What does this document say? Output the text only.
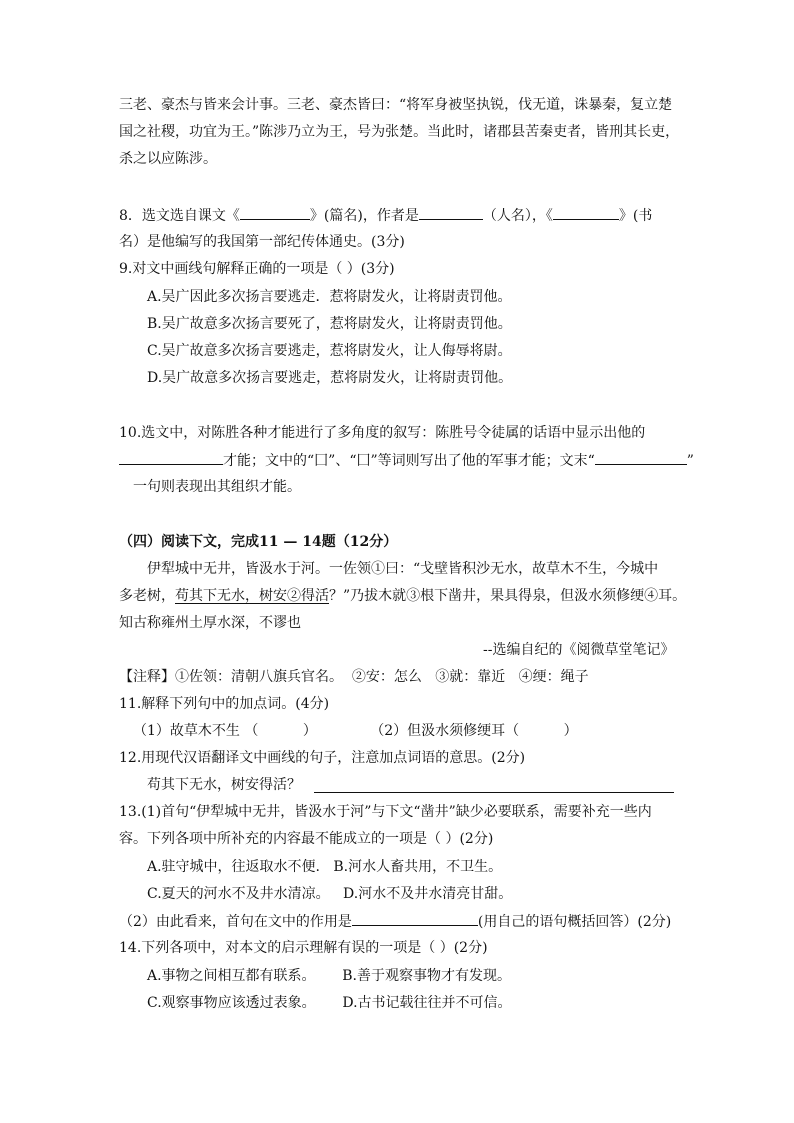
三老、豪杰与皆来会计事。三老、豪杰皆曰：“将军身被坚执锐，伐无道，诛暴秦，复立楚
国之社稷，功宜为王。”陈涉乃立为王，号为张楚。当此时，诸郡县苦秦吏者，皆刑其长吏，
杀之以应陈涉。
8．选文选自课文《	》(篇名)，作者是	（人名），《	》(书
名）是他编写的我国第一部纪传体通史。(3分)
9.对文中画线句解释正确的一项是（ ）(3分)
A.吴广因此多次扬言要逃走．惹将尉发火，让将尉责罚他。
B.吴广故意多次扬言要死了，惹将尉发火，让将尉责罚他。
C.吴广故意多次扬言要逃走，惹将尉发火，让人侮辱将尉。
D.吴广故意多次扬言要逃走，惹将尉发火，让将尉责罚他。
10.选文中，对陈胜各种才能进行了多角度的叙写：陈胜号令徒属的话语中显示出他的
才能；文中的“囗”、“囗”等词则写出了他的军事才能；文末“	”
一句则表现出其组织才能。
（四）阅读下文，完成11 — 14题（12分）
伊犁城中无井，皆汲水于河。一佐领①曰：“戈壁皆积沙无水，故草木不生，今城中
多老树，苟其下无水，树安②得活？”乃拔木就③根下凿井，果具得泉，但汲水须修绠④耳。
知古称雍州土厚水深，不谬也
--选编自纪的《阅微草堂笔记》
【注释】①佐领：清朝八旗兵官名。  ②安：怎么   ③就：靠近   ④绠：绳子
11.解释下列句中的加点词。(4分)
（1）故草木不生 （          ）            （2）但汲水须修绠耳（          ）
12.用现代汉语翻译文中画线的句子，注意加点词语的意思。(2分)
苟其下无水，树安得活？
13.(1)首句“伊犁城中无井，皆汲水于河”与下文“凿井”缺少必要联系，需要补充一些内
容。下列各项中所补充的内容最不能成立的一项是（ ）(2分)
A.驻守城中，往返取水不便.   B.河水人畜共用，不卫生。
C.夏天的河水不及井水清凉。   D.河水不及井水清亮甘甜。
（2）由此看来，首句在文中的作用是	(用自己的语句概括回答）(2分)
14.下列各项中，对本文的启示理解有误的一项是（ ）(2分)
A.事物之间相互都有联系。      B.善于观察事物才有发现。
C.观察事物应该透过表象。      D.古书记载往往并不可信。
